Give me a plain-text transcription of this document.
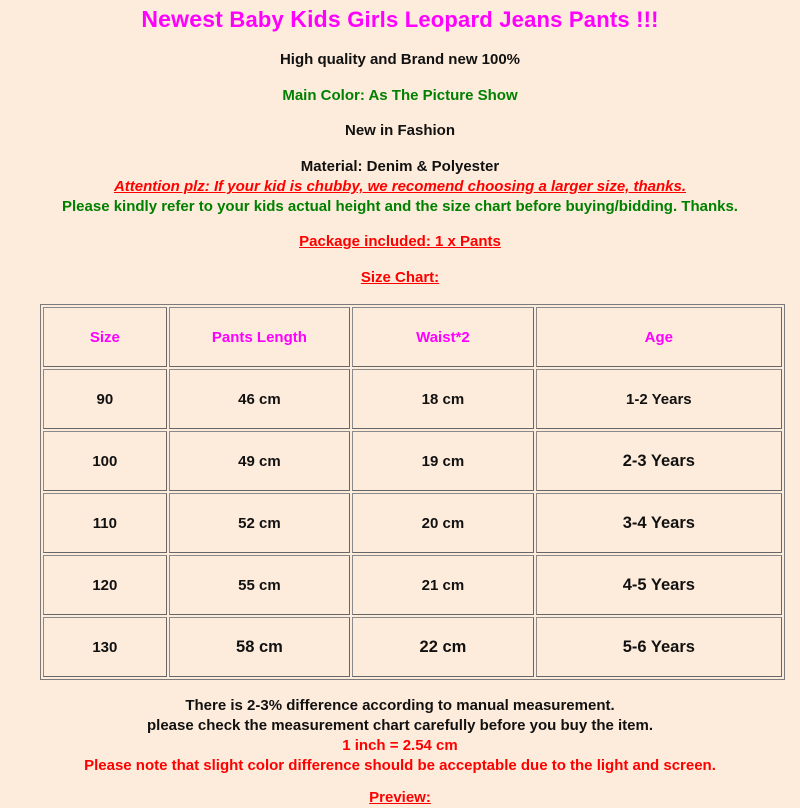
Newest Baby Kids Girls Leopard Jeans Pants !!!
High quality and Brand new 100%
Main Color: As The Picture Show
New in Fashion
Material: Denim & Polyester
Attention plz: If your kid is chubby, we recomend choosing a larger size, thanks.
Please kindly refer to your kids actual height and the size chart before buying/bidding. Thanks.
Package included: 1 x Pants
Size Chart:
Size	Pants Length	Waist*2	Age
90	46 cm	18 cm	1-2 Years
100	49 cm	19 cm	2-3 Years
110	52 cm	20 cm	3-4 Years
120	55 cm	21 cm	4-5 Years
130	58 cm	22 cm	5-6 Years
There is 2-3% difference according to manual measurement.
please check the measurement chart carefully before you buy the item.
1 inch = 2.54 cm
Please note that slight color difference should be acceptable due to the light and screen.
Preview:
